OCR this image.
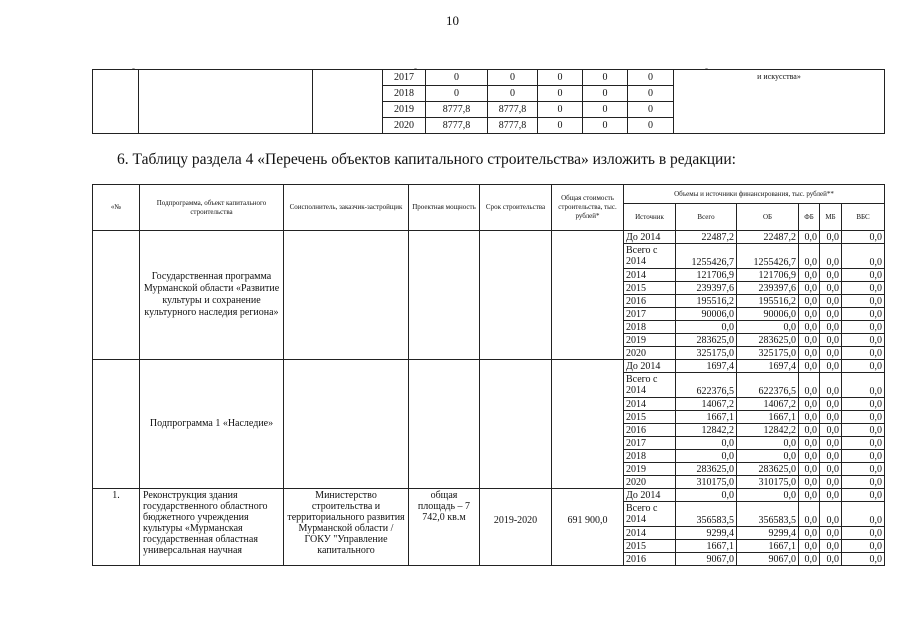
10
-	-	-
			2017	0	0	0	0	0	и искусства»
			2018	0	0	0	0	0	
			2019	8777,8	8777,8	0	0	0	
			2020	8777,8	8777,8	0	0	0	
6. Таблицу раздела 4 «Перечень объектов капитального строительства» изложить в редакции:
«№	Подпрограмма, объект капитального строительства	Соисполнитель, заказчик-застройщик	Проектная мощность	Срок строительства	Общая стоимость строительства, тыс. рублей*	Объемы и источники финансирования, тыс. рублей**					
						Источник	Всего	ОБ	ФБ	МБ	ВБС
	Государственная программа Мурманской области «Развитие культуры и сохранение культурного наследия региона»					До 2014	22487,2	22487,2	0,0	0,0	0,0
						Всего с 2014	1255426,7	1255426,7	0,0	0,0	0,0
						2014	121706,9	121706,9	0,0	0,0	0,0
						2015	239397,6	239397,6	0,0	0,0	0,0
						2016	195516,2	195516,2	0,0	0,0	0,0
						2017	90006,0	90006,0	0,0	0,0	0,0
						2018	0,0	0,0	0,0	0,0	0,0
						2019	283625,0	283625,0	0,0	0,0	0,0
						2020	325175,0	325175,0	0,0	0,0	0,0
	Подпрограмма 1 «Наследие»					До 2014	1697,4	1697,4	0,0	0,0	0,0
						Всего с 2014	622376,5	622376,5	0,0	0,0	0,0
						2014	14067,2	14067,2	0,0	0,0	0,0
						2015	1667,1	1667,1	0,0	0,0	0,0
						2016	12842,2	12842,2	0,0	0,0	0,0
						2017	0,0	0,0	0,0	0,0	0,0
						2018	0,0	0,0	0,0	0,0	0,0
						2019	283625,0	283625,0	0,0	0,0	0,0
						2020	310175,0	310175,0	0,0	0,0	0,0
1.	Реконструкция здания государственного областного бюджетного учреждения культуры «Мурманская государственная областная универсальная научная	Министерство строительства и территориального развития Мурманской области / ГОКУ "Управление капитального	общая площадь – 7 742,0 кв.м	2019-2020	691 900,0	До 2014	0,0	0,0	0,0	0,0	0,0
						Всего с 2014	356583,5	356583,5	0,0	0,0	0,0
						2014	9299,4	9299,4	0,0	0,0	0,0
						2015	1667,1	1667,1	0,0	0,0	0,0
						2016	9067,0	9067,0	0,0	0,0	0,0
